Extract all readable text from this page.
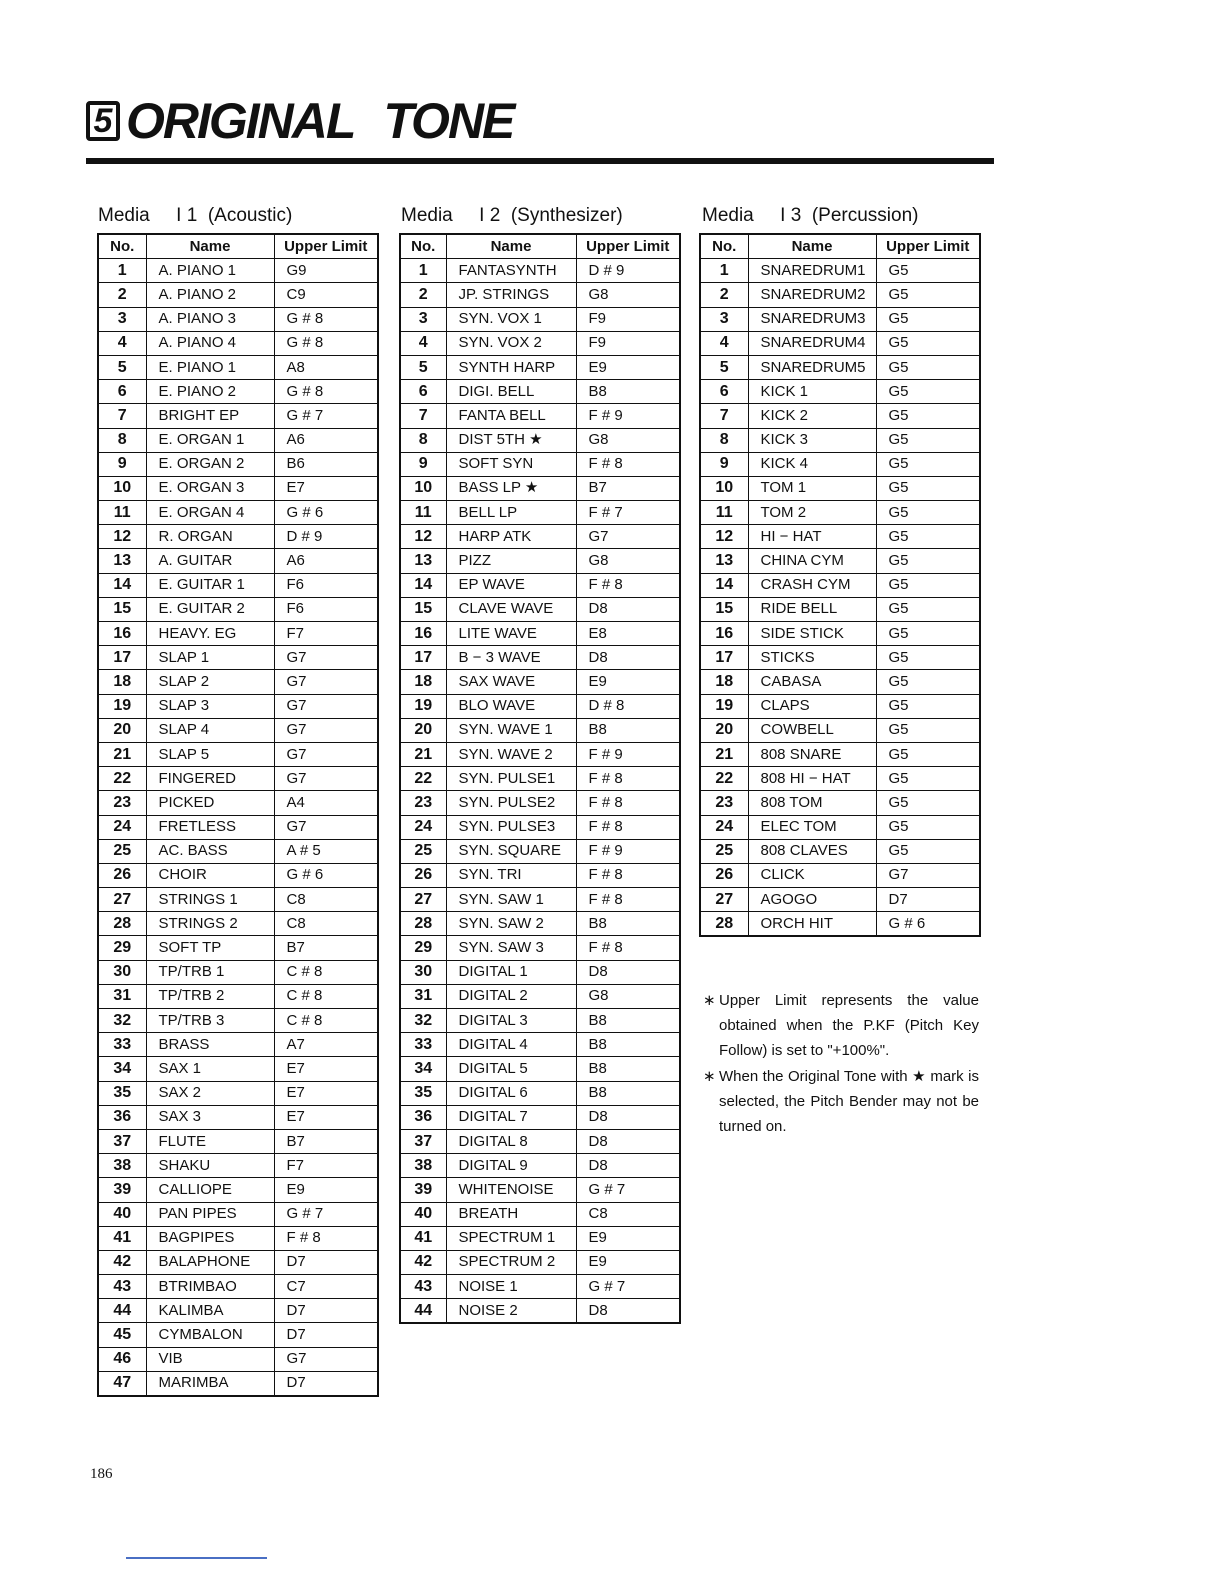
5 ORIGINAL TONE
Media     I 1  (Acoustic)	Media     I 2  (Synthesizer)	Media     I 3  (Percussion)
No.	Name	Upper Limit
1	A. PIANO 1	G9
2	A. PIANO 2	C9
3	A. PIANO 3	G # 8
4	A. PIANO 4	G # 8
5	E. PIANO 1	A8
6	E. PIANO 2	G # 8
7	BRIGHT EP	G # 7
8	E. ORGAN 1	A6
9	E. ORGAN 2	B6
10	E. ORGAN 3	E7
11	E. ORGAN 4	G # 6
12	R. ORGAN	D # 9
13	A. GUITAR	A6
14	E. GUITAR 1	F6
15	E. GUITAR 2	F6
16	HEAVY. EG	F7
17	SLAP 1	G7
18	SLAP 2	G7
19	SLAP 3	G7
20	SLAP 4	G7
21	SLAP 5	G7
22	FINGERED	G7
23	PICKED	A4
24	FRETLESS	G7
25	AC. BASS	A # 5
26	CHOIR	G # 6
27	STRINGS 1	C8
28	STRINGS 2	C8
29	SOFT TP	B7
30	TP/TRB 1	C # 8
31	TP/TRB 2	C # 8
32	TP/TRB 3	C # 8
33	BRASS	A7
34	SAX 1	E7
35	SAX 2	E7
36	SAX 3	E7
37	FLUTE	B7
38	SHAKU	F7
39	CALLIOPE	E9
40	PAN PIPES	G # 7
41	BAGPIPES	F # 8
42	BALAPHONE	D7
43	BTRIMBAO	C7
44	KALIMBA	D7
45	CYMBALON	D7
46	VIB	G7
47	MARIMBA	D7
No.	Name	Upper Limit
1	FANTASYNTH	D # 9
2	JP. STRINGS	G8
3	SYN. VOX 1	F9
4	SYN. VOX 2	F9
5	SYNTH HARP	E9
6	DIGI. BELL	B8
7	FANTA BELL	F # 9
8	DIST 5TH ★	G8
9	SOFT SYN	F # 8
10	BASS LP ★	B7
11	BELL LP	F # 7
12	HARP ATK	G7
13	PIZZ	G8
14	EP WAVE	F # 8
15	CLAVE WAVE	D8
16	LITE WAVE	E8
17	B − 3 WAVE	D8
18	SAX WAVE	E9
19	BLO WAVE	D # 8
20	SYN. WAVE 1	B8
21	SYN. WAVE 2	F # 9
22	SYN. PULSE1	F # 8
23	SYN. PULSE2	F # 8
24	SYN. PULSE3	F # 8
25	SYN. SQUARE	F # 9
26	SYN. TRI	F # 8
27	SYN. SAW 1	F # 8
28	SYN. SAW 2	B8
29	SYN. SAW 3	F # 8
30	DIGITAL 1	D8
31	DIGITAL 2	G8
32	DIGITAL 3	B8
33	DIGITAL 4	B8
34	DIGITAL 5	B8
35	DIGITAL 6	B8
36	DIGITAL 7	D8
37	DIGITAL 8	D8
38	DIGITAL 9	D8
39	WHITENOISE	G # 7
40	BREATH	C8
41	SPECTRUM 1	E9
42	SPECTRUM 2	E9
43	NOISE 1	G # 7
44	NOISE 2	D8
No.	Name	Upper Limit
1	SNAREDRUM1	G5
2	SNAREDRUM2	G5
3	SNAREDRUM3	G5
4	SNAREDRUM4	G5
5	SNAREDRUM5	G5
6	KICK 1	G5
7	KICK 2	G5
8	KICK 3	G5
9	KICK 4	G5
10	TOM 1	G5
11	TOM 2	G5
12	HI − HAT	G5
13	CHINA CYM	G5
14	CRASH CYM	G5
15	RIDE BELL	G5
16	SIDE STICK	G5
17	STICKS	G5
18	CABASA	G5
19	CLAPS	G5
20	COWBELL	G5
21	808 SNARE	G5
22	808 HI − HAT	G5
23	808 TOM	G5
24	ELEC TOM	G5
25	808 CLAVES	G5
26	CLICK	G7
27	AGOGO	D7
28	ORCH HIT	G # 6
∗ Upper Limit represents the value obtained when the P.KF (Pitch Key Follow) is set to "+100%".
∗ When the Original Tone with ★ mark is selected, the Pitch Bender may not be turned on.
186
